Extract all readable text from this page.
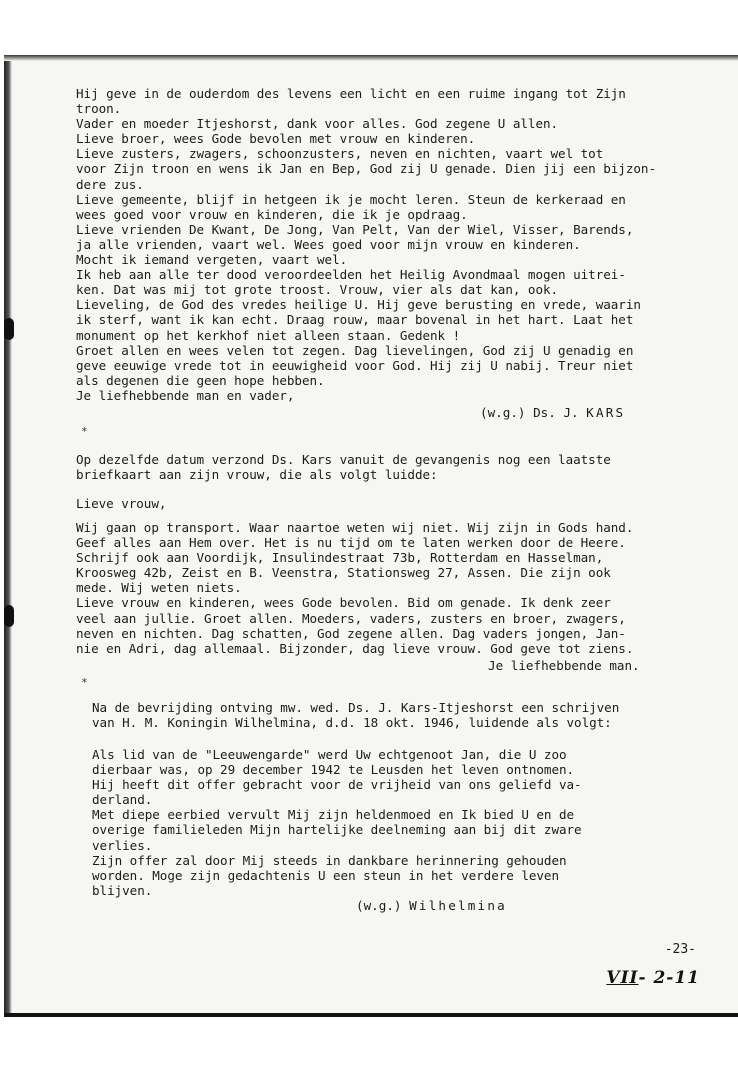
Hij geve in de ouderdom des levens een licht en een ruime ingang tot Zijn
troon.
Vader en moeder Itjeshorst, dank voor alles. God zegene U allen.
Lieve broer, wees Gode bevolen met vrouw en kinderen.
Lieve zusters, zwagers, schoonzusters, neven en nichten, vaart wel tot
voor Zijn troon en wens ik Jan en Bep, God zij U genade. Dien jij een bijzon-
dere zus.
Lieve gemeente, blijf in hetgeen ik je mocht leren. Steun de kerkeraad en
wees goed voor vrouw en kinderen, die ik je opdraag.
Lieve vrienden De Kwant, De Jong, Van Pelt, Van der Wiel, Visser, Barends,
ja alle vrienden, vaart wel. Wees goed voor mijn vrouw en kinderen.
Mocht ik iemand vergeten, vaart wel.
Ik heb aan alle ter dood veroordeelden het Heilig Avondmaal mogen uitrei-
ken. Dat was mij tot grote troost. Vrouw, vier als dat kan, ook.
Lieveling, de God des vredes heilige U. Hij geve berusting en vrede, waarin
ik sterf, want ik kan echt. Draag rouw, maar bovenal in het hart. Laat het
monument op het kerkhof niet alleen staan. Gedenk !
Groet allen en wees velen tot zegen. Dag lievelingen, God zij U genadig en
geve eeuwige vrede tot in eeuwigheid voor God. Hij zij U nabij. Treur niet
als degenen die geen hope hebben.
Je liefhebbende man en vader,
(w.g.) Ds. J. KARS
*
Op dezelfde datum verzond Ds. Kars vanuit de gevangenis nog een laatste
briefkaart aan zijn vrouw, die als volgt luidde:
Lieve vrouw,
Wij gaan op transport. Waar naartoe weten wij niet. Wij zijn in Gods hand.
Geef alles aan Hem over. Het is nu tijd om te laten werken door de Heere.
Schrijf ook aan Voordijk, Insulindestraat 73b, Rotterdam en Hasselman,
Kroosweg 42b, Zeist en B. Veenstra, Stationsweg 27, Assen. Die zijn ook
mede. Wij weten niets.
Lieve vrouw en kinderen, wees Gode bevolen. Bid om genade. Ik denk zeer
veel aan jullie. Groet allen. Moeders, vaders, zusters en broer, zwagers,
neven en nichten. Dag schatten, God zegene allen. Dag vaders jongen, Jan-
nie en Adri, dag allemaal. Bijzonder, dag lieve vrouw. God geve tot ziens.
Je liefhebbende man.
*
Na de bevrijding ontving mw. wed. Ds. J. Kars-Itjeshorst een schrijven
van H. M. Koningin Wilhelmina, d.d. 18 okt. 1946, luidende als volgt:
Als lid van de "Leeuwengarde" werd Uw echtgenoot Jan, die U zoo
dierbaar was, op 29 december 1942 te Leusden het leven ontnomen.
Hij heeft dit offer gebracht voor de vrijheid van ons geliefd va-
derland.
Met diepe eerbied vervult Mij zijn heldenmoed en Ik bied U en de
overige familieleden Mijn hartelijke deelneming aan bij dit zware
verlies.
Zijn offer zal door Mij steeds in dankbare herinnering gehouden
worden. Moge zijn gedachtenis U een steun in het verdere leven
blijven.
(w.g.) Wilhelmina
-23-
VII- 2-11
